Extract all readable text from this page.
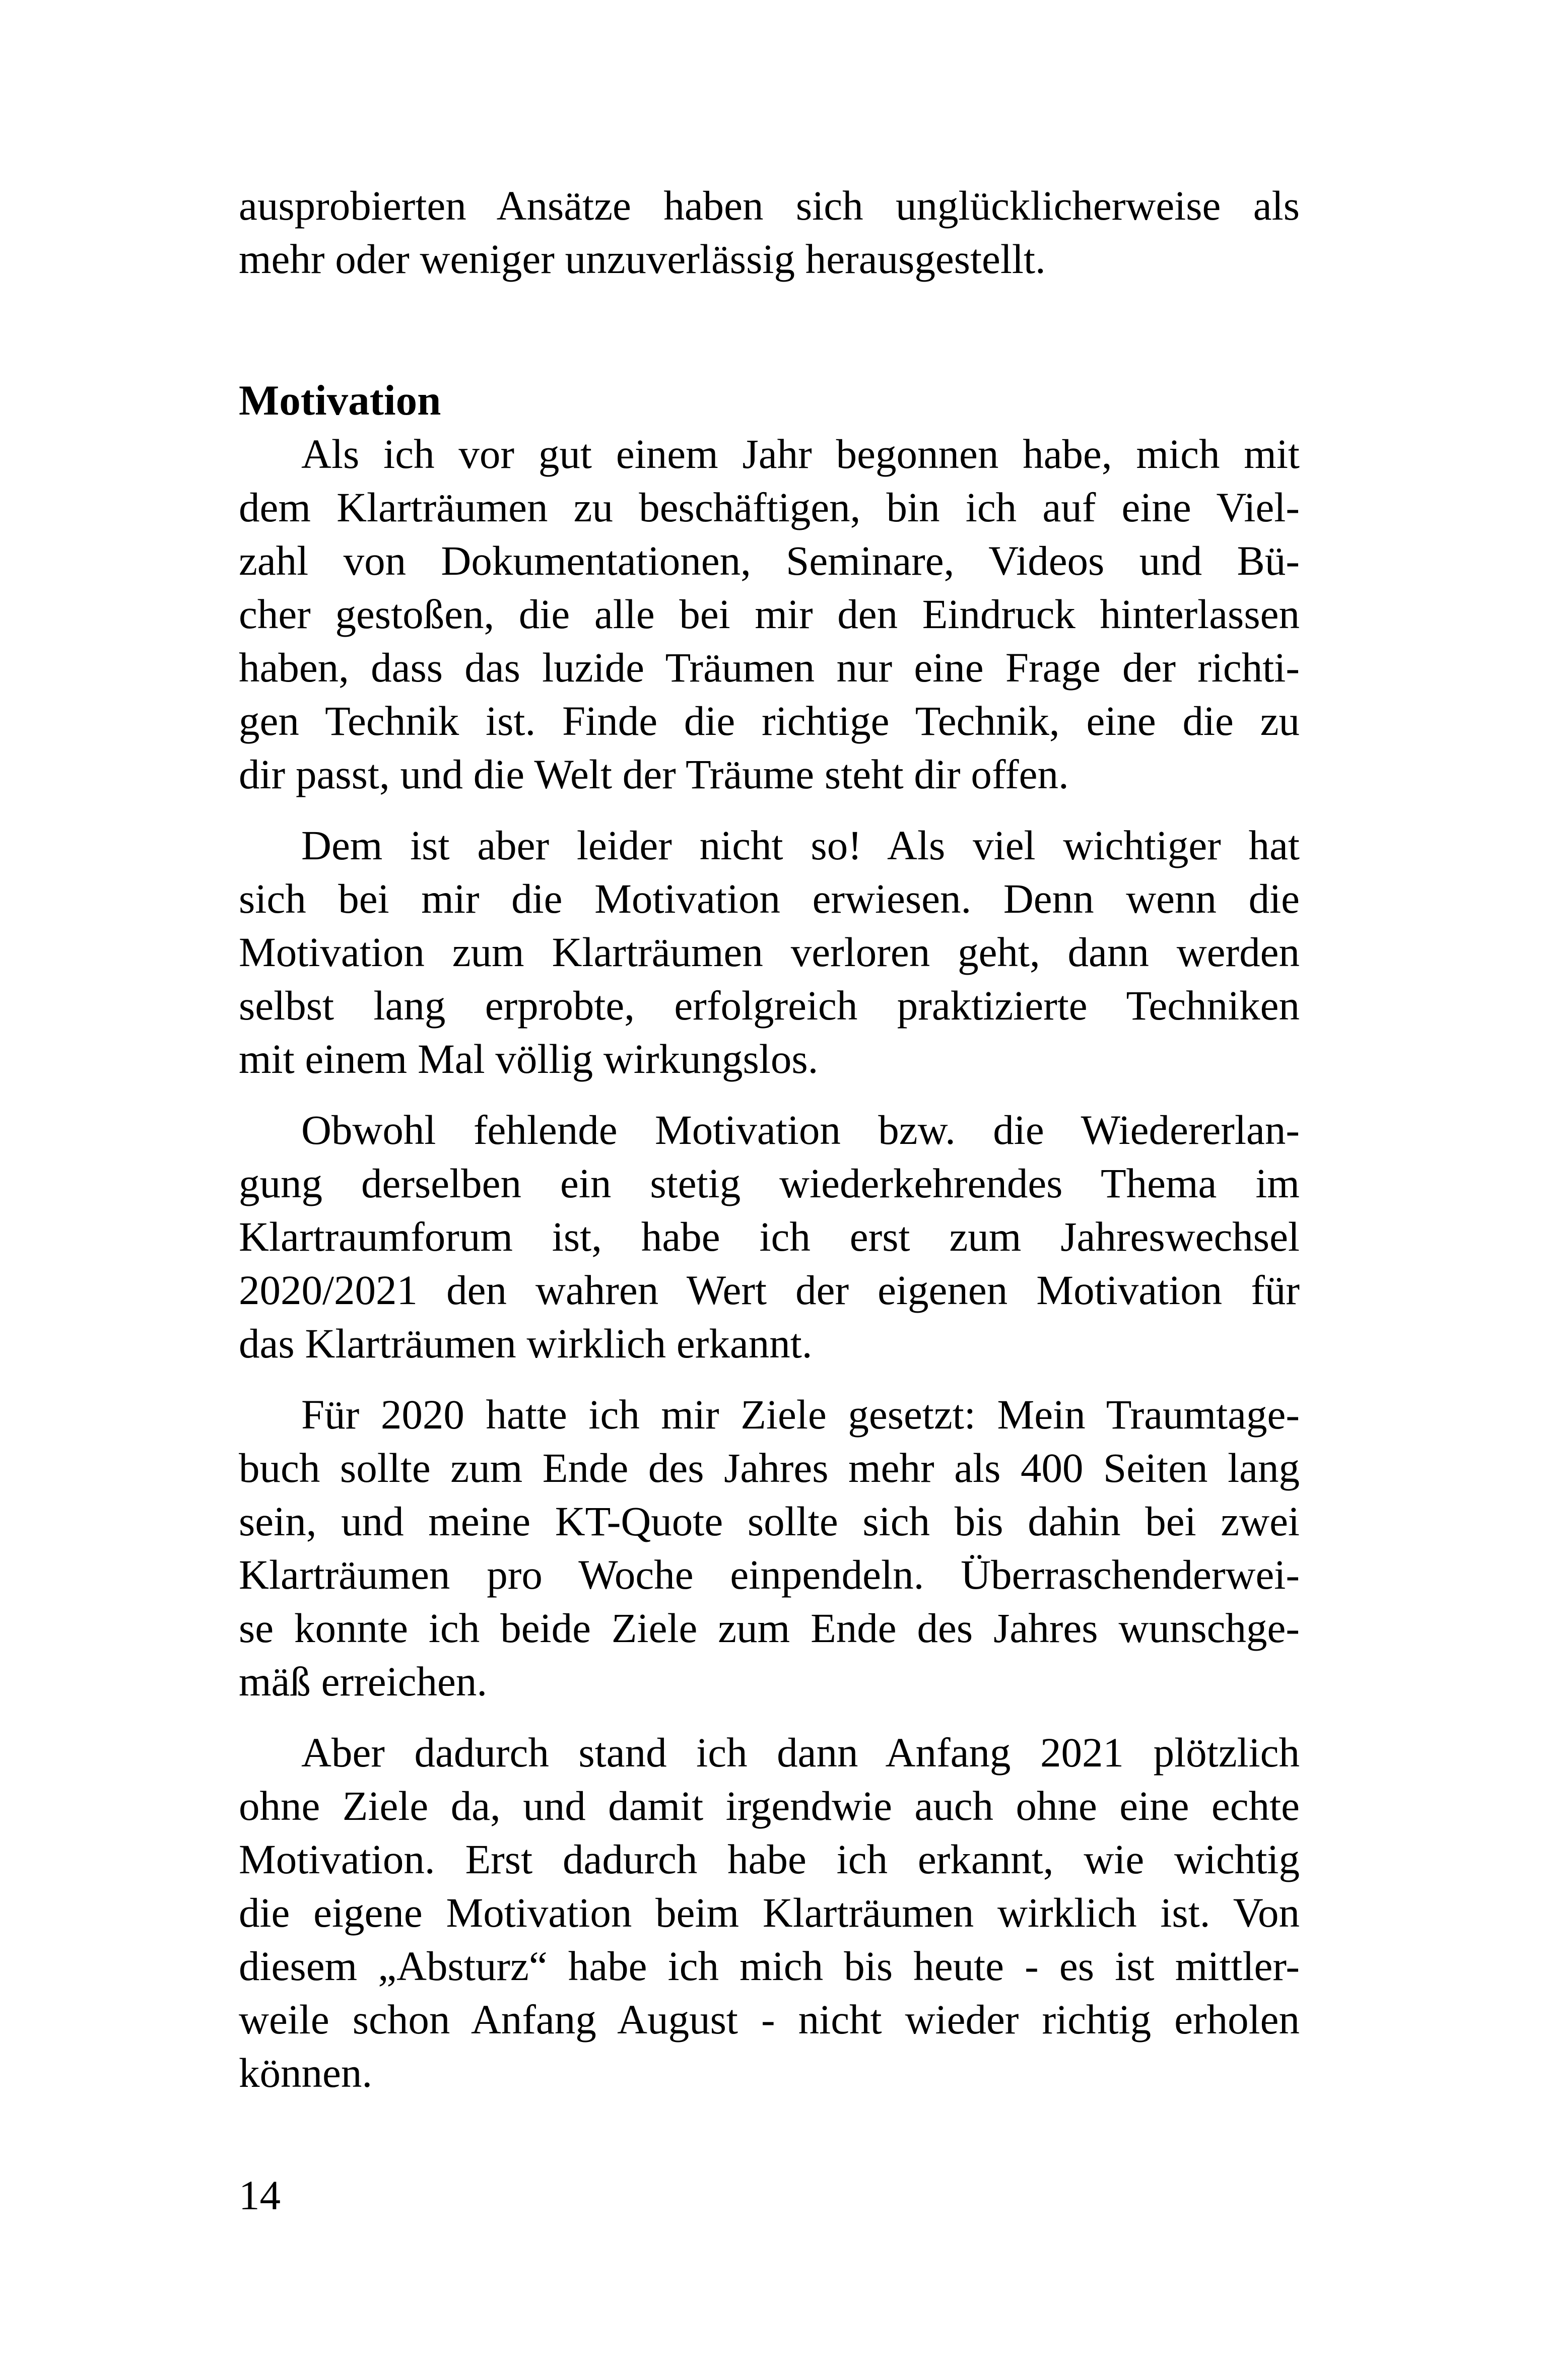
ausprobierten Ansätze haben sich unglücklicherweise als
mehr oder weniger unzuverlässig herausgestellt.
Motivation
Als ich vor gut einem Jahr begonnen habe, mich mit
dem Klarträumen zu beschäftigen, bin ich auf eine Viel-
zahl von Dokumentationen, Seminare, Videos und Bü-
cher gestoßen, die alle bei mir den Eindruck hinterlassen
haben, dass das luzide Träumen nur eine Frage der richti-
gen Technik ist. Finde die richtige Technik, eine die zu
dir passt, und die Welt der Träume steht dir offen.
Dem ist aber leider nicht so! Als viel wichtiger hat
sich bei mir die Motivation erwiesen. Denn wenn die
Motivation zum Klarträumen verloren geht, dann werden
selbst lang erprobte, erfolgreich praktizierte Techniken
mit einem Mal völlig wirkungslos.
Obwohl fehlende Motivation bzw. die Wiedererlan-
gung derselben ein stetig wiederkehrendes Thema im
Klartraumforum ist, habe ich erst zum Jahreswechsel
2020/2021 den wahren Wert der eigenen Motivation für
das Klarträumen wirklich erkannt.
Für 2020 hatte ich mir Ziele gesetzt: Mein Traumtage-
buch sollte zum Ende des Jahres mehr als 400 Seiten lang
sein, und meine KT-Quote sollte sich bis dahin bei zwei
Klarträumen pro Woche einpendeln. Überraschenderwei-
se konnte ich beide Ziele zum Ende des Jahres wunschge-
mäß erreichen.
Aber dadurch stand ich dann Anfang 2021 plötzlich
ohne Ziele da, und damit irgendwie auch ohne eine echte
Motivation. Erst dadurch habe ich erkannt, wie wichtig
die eigene Motivation beim Klarträumen wirklich ist. Von
diesem „Absturz“ habe ich mich bis heute - es ist mittler-
weile schon Anfang August - nicht wieder richtig erholen
können.
14
